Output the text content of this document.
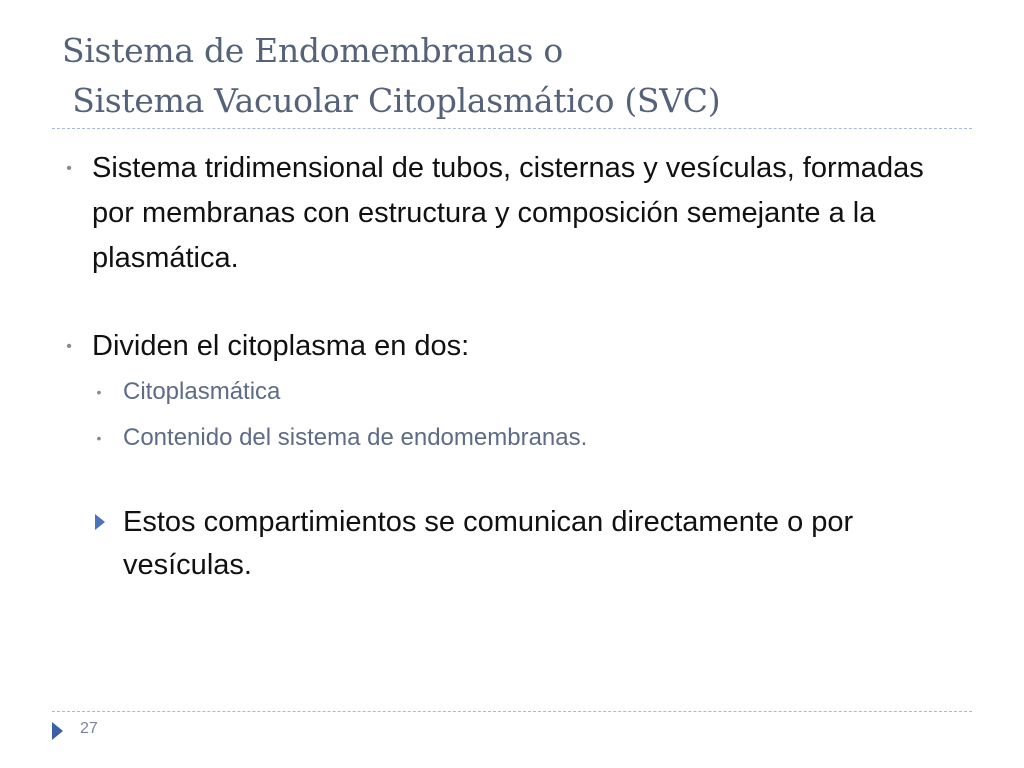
Sistema de Endomembranas o
Sistema Vacuolar Citoplasmático (SVC)
• Sistema tridimensional de tubos, cisternas y vesículas, formadas por membranas con estructura y composición semejante a la plasmática.
• Dividen el citoplasma en dos:
• Citoplasmática
• Contenido del sistema de endomembranas.
Estos compartimientos se comunican directamente o por vesículas.
27
